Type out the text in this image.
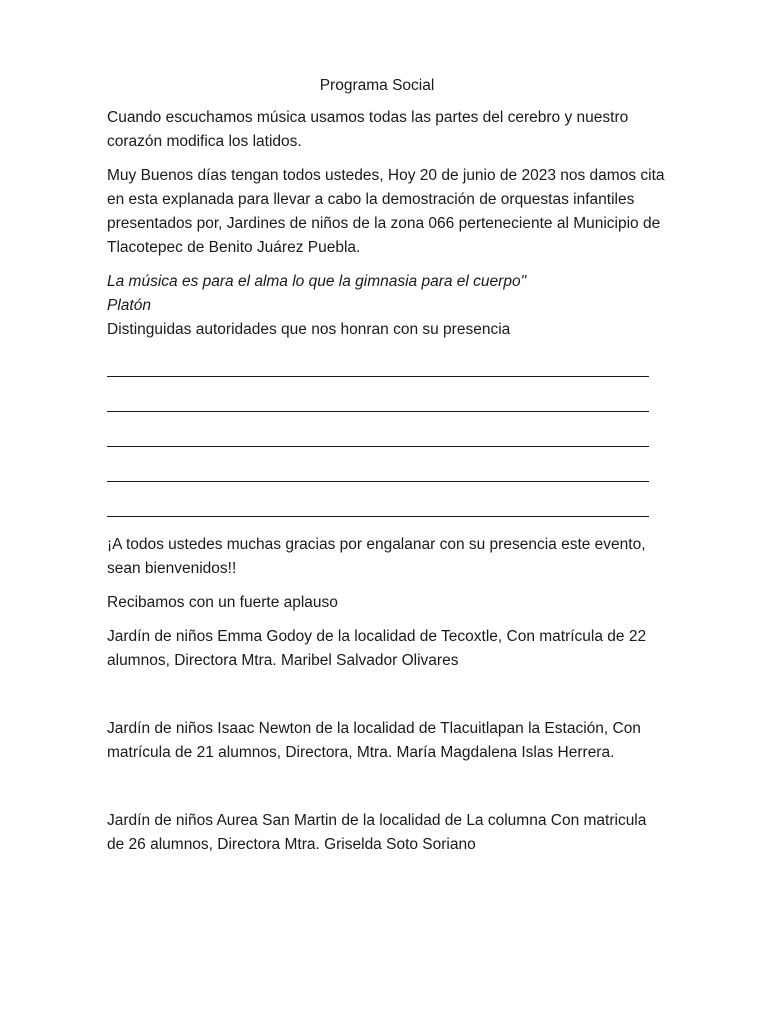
Programa Social

Cuando escuchamos música usamos todas las partes del cerebro y nuestro corazón modifica los latidos.

Muy Buenos días tengan todos ustedes, Hoy 20 de junio de 2023 nos damos cita en esta explanada para llevar a cabo la demostración de orquestas infantiles presentados por, Jardines de niños de la zona 066 perteneciente al Municipio de Tlacotepec de Benito Juárez Puebla.

La música es para el alma lo que la gimnasia para el cuerpo"

Platón

Distinguidas autoridades que nos honran con su presencia

¡A todos ustedes muchas gracias por engalanar con su presencia este evento, sean bienvenidos!!

Recibamos con un fuerte aplauso

Jardín de niños Emma Godoy de la localidad de Tecoxtle, Con matrícula de 22 alumnos, Directora Mtra. Maribel Salvador Olivares

Jardín de niños Isaac Newton de la localidad de Tlacuitlapan la Estación, Con matrícula de 21 alumnos, Directora, Mtra. María Magdalena Islas Herrera.

Jardín de niños Aurea San Martin de la localidad de La columna Con matricula de 26 alumnos, Directora Mtra. Griselda Soto Soriano
